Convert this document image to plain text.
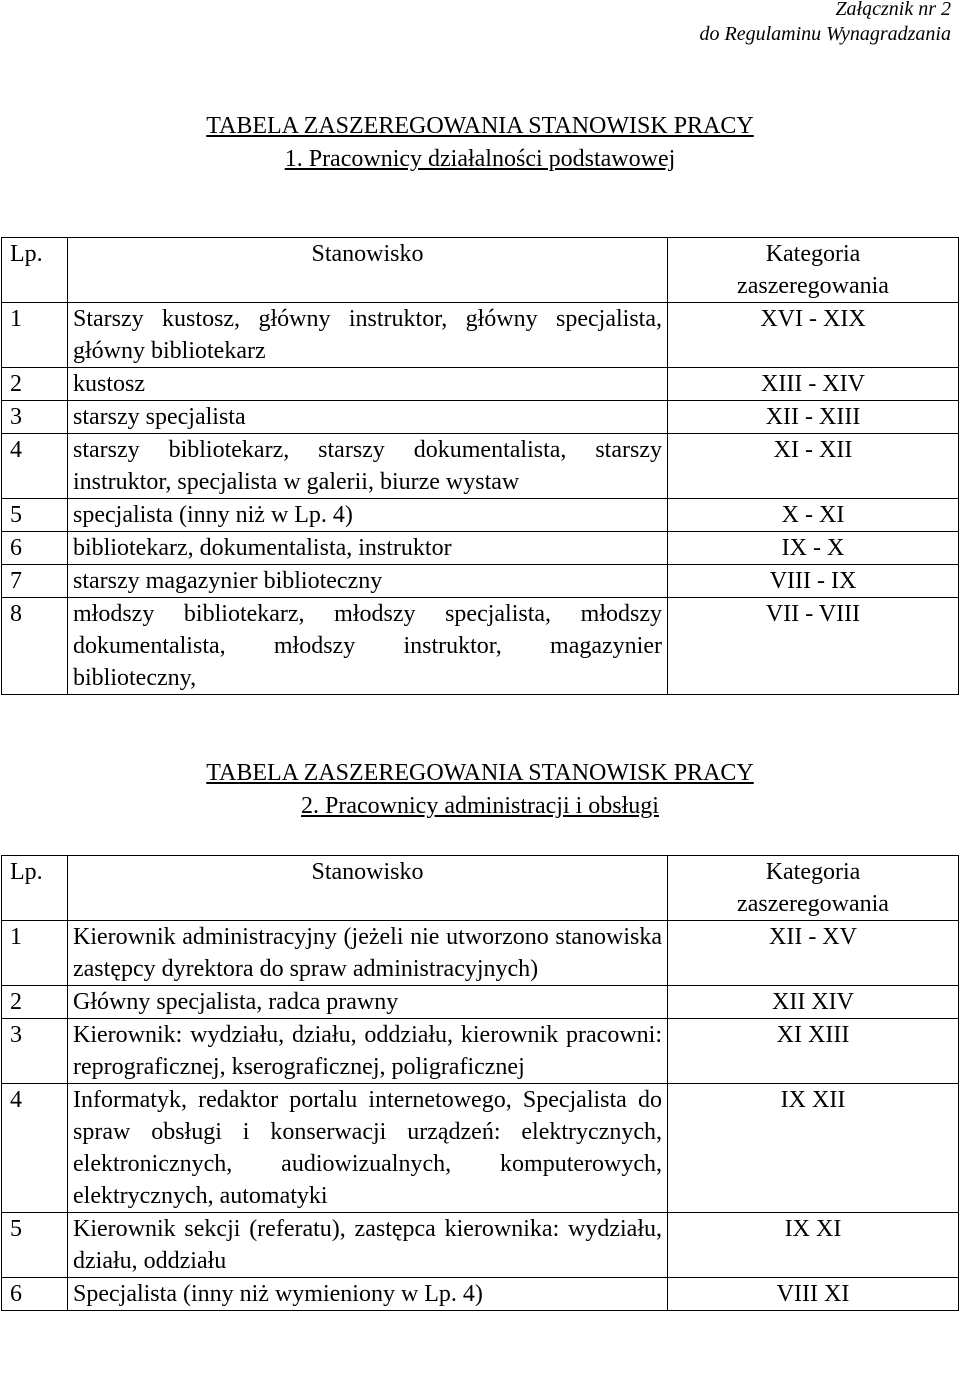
Załącznik nr 2
do Regulaminu Wynagradzania
TABELA ZASZEREGOWANIA STANOWISK PRACY
1. Pracownicy działalności podstawowej
Lp.	Stanowisko	Kategoria
zaszeregowania

1	Starszy kustosz, główny instruktor, główny specjalista, główny bibliotekarz	XVI - XIX
2	kustosz	XIII - XIV
3	starszy specjalista	XII - XIII
4	starszy bibliotekarz, starszy dokumentalista, starszy instruktor, specjalista w galerii, biurze wystaw	XI - XII
5	specjalista (inny niż w Lp. 4)	X - XI
6	bibliotekarz, dokumentalista, instruktor	IX - X
7	starszy magazynier biblioteczny	VIII - IX
8	młodszy bibliotekarz, młodszy specjalista, młodszy dokumentalista, młodszy instruktor, magazynier biblioteczny,	VII - VIII
TABELA ZASZEREGOWANIA STANOWISK PRACY
2. Pracownicy administracji i obsługi
Lp.	Stanowisko	Kategoria
zaszeregowania

1	Kierownik administracyjny (jeżeli nie utworzono stanowiska zastępcy dyrektora do spraw administracyjnych)	XII - XV
2	Główny specjalista, radca prawny	XII XIV
3	Kierownik: wydziału, działu, oddziału, kierownik pracowni: reprograficznej, kserograficznej, poligraficznej	XI XIII
4	Informatyk, redaktor portalu internetowego, Specjalista do spraw obsługi i konserwacji urządzeń: elektrycznych, elektronicznych, audiowizualnych, komputerowych, elektrycznych, automatyki	IX XII
5	Kierownik sekcji (referatu), zastępca kierownika: wydziału, działu, oddziału	IX XI
6	Specjalista (inny niż wymieniony w Lp. 4)	VIII XI
